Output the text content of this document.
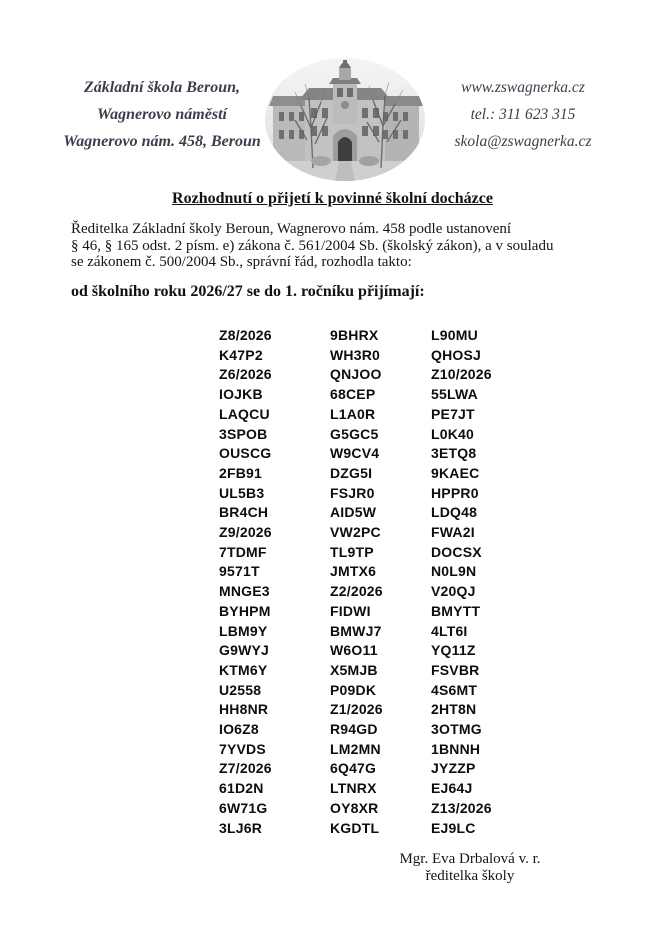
Základní škola Beroun,
Wagnerovo náměstí
Wagnerovo nám. 458, Beroun
www.zswagnerka.cz
tel.: 311 623 315
skola@zswagnerka.cz
Rozhodnutí o přijetí k povinné školní docházce
Ředitelka Základní školy Beroun, Wagnerovo nám. 458 podle ustanovení
§ 46, § 165 odst. 2 písm. e) zákona č. 561/2004 Sb. (školský zákon), a v souladu
se zákonem č. 500/2004 Sb., správní řád, rozhodla takto:
od školního roku 2026/27 se do 1. ročníku přijímají:
Z8/2026	9BHRX	L90MU
K47P2	WH3R0	QHOSJ
Z6/2026	QNJOO	Z10/2026
IOJKB	68CEP	55LWA
LAQCU	L1A0R	PE7JT
3SPOB	G5GC5	L0K40
OUSCG	W9CV4	3ETQ8
2FB91	DZG5I	9KAEC
UL5B3	FSJR0	HPPR0
BR4CH	AID5W	LDQ48
Z9/2026	VW2PC	FWA2I
7TDMF	TL9TP	DOCSX
9571T	JMTX6	N0L9N
MNGE3	Z2/2026	V20QJ
BYHPM	FIDWI	BMYTT
LBM9Y	BMWJ7	4LT6I
G9WYJ	W6O11	YQ11Z
KTM6Y	X5MJB	FSVBR
U2558	P09DK	4S6MT
HH8NR	Z1/2026	2HT8N
IO6Z8	R94GD	3OTMG
7YVDS	LM2MN	1BNNH
Z7/2026	6Q47G	JYZZP
61D2N	LTNRX	EJ64J
6W71G	OY8XR	Z13/2026
3LJ6R	KGDTL	EJ9LC
Mgr. Eva Drbalová v. r.
ředitelka školy
